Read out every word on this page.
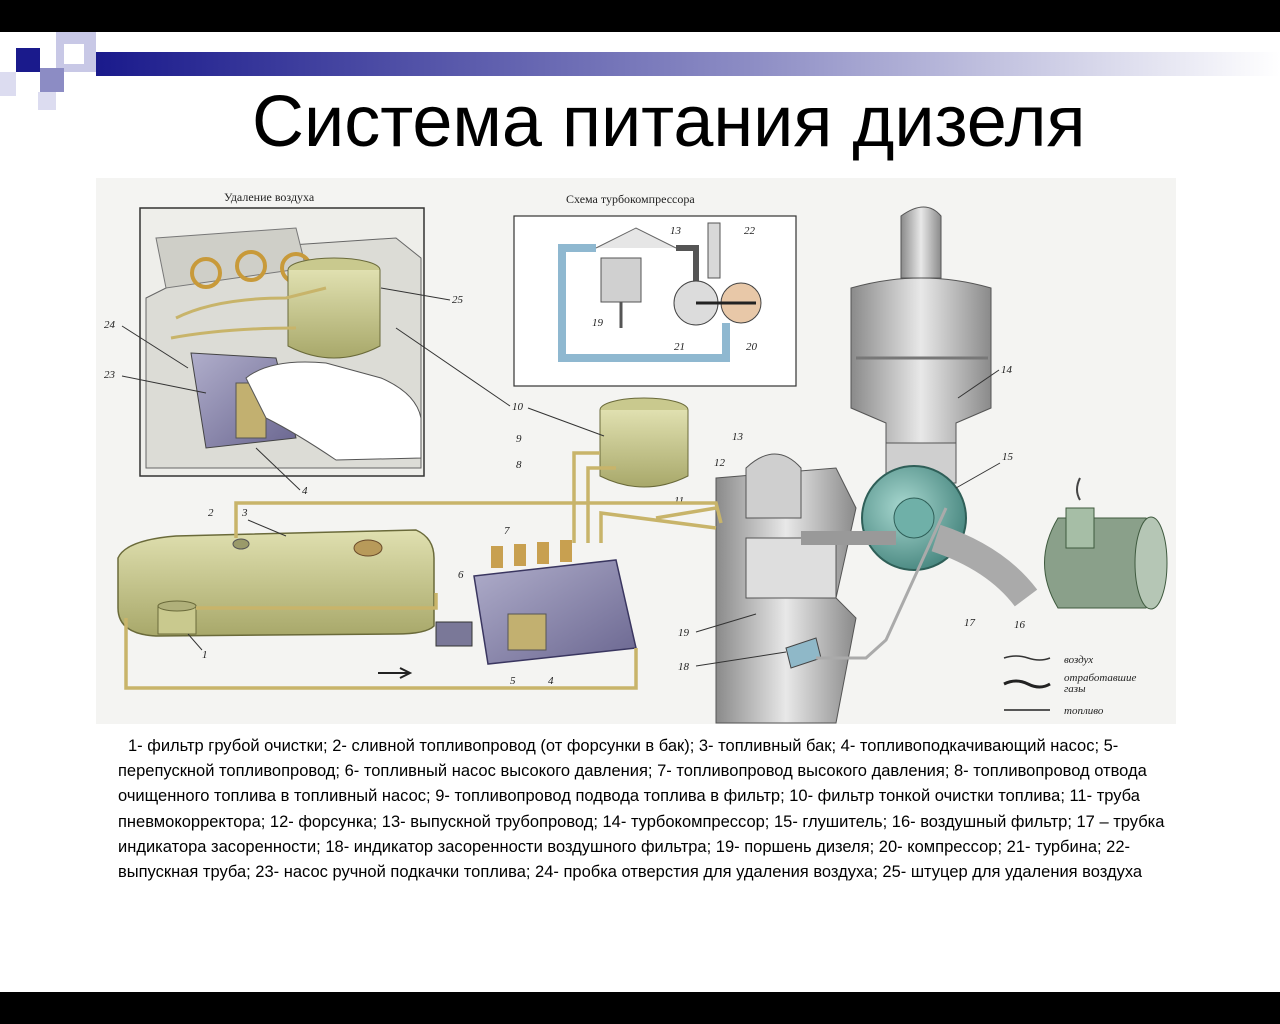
Система питания дизеля
Удаление воздуха
24
23
25
4
Схема турбокомпрессора
13	22
19
21	20
14
15
16
12
13
19
18
17
10
9
8
2	3
1
6
7
5	4
11
воздух
отработавшие
газы
топливо

1- фильтр грубой очистки; 2- сливной топливопровод (от форсунки в бак); 3- топливный бак; 4- топливоподкачивающий насос; 5- перепускной топливопровод; 6- топливный насос высокого давления; 7- топливопровод высокого давления; 8- топливопровод отвода очищенного топлива в топливный насос; 9- топливопровод подвода топлива в фильтр; 10- фильтр тонкой очистки топлива; 11- труба пневмокорректора; 12- форсунка; 13- выпускной трубопровод; 14- турбокомпрессор; 15- глушитель; 16- воздушный фильтр; 17 – трубка индикатора засоренности; 18- индикатор засоренности воздушного фильтра; 19- поршень дизеля; 20- компрессор; 21- турбина; 22- выпускная труба; 23- насос ручной подкачки топлива; 24- пробка отверстия для удаления воздуха; 25- штуцер для удаления воздуха
